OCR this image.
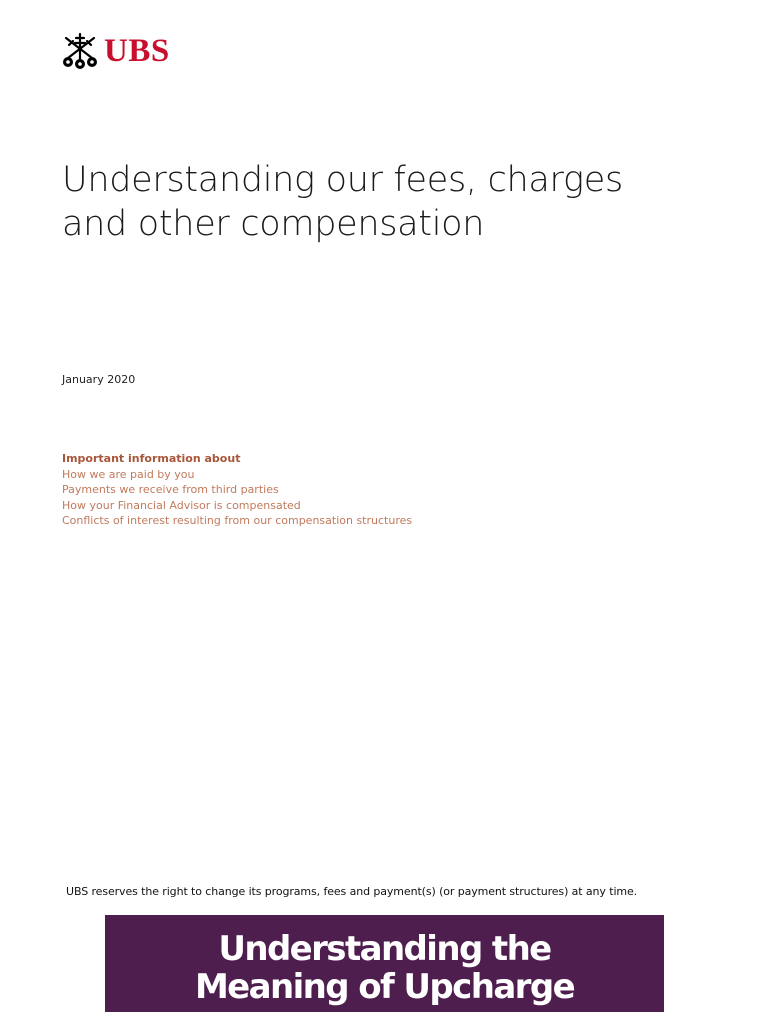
UBS
Understanding our fees, charges
and other compensation
January 2020
Important information about
How we are paid by you
Payments we receive from third parties
How your Financial Advisor is compensated
Conflicts of interest resulting from our compensation structures
UBS reserves the right to change its programs, fees and payment(s) (or payment structures) at any time.
Understanding the
Meaning of Upcharge
